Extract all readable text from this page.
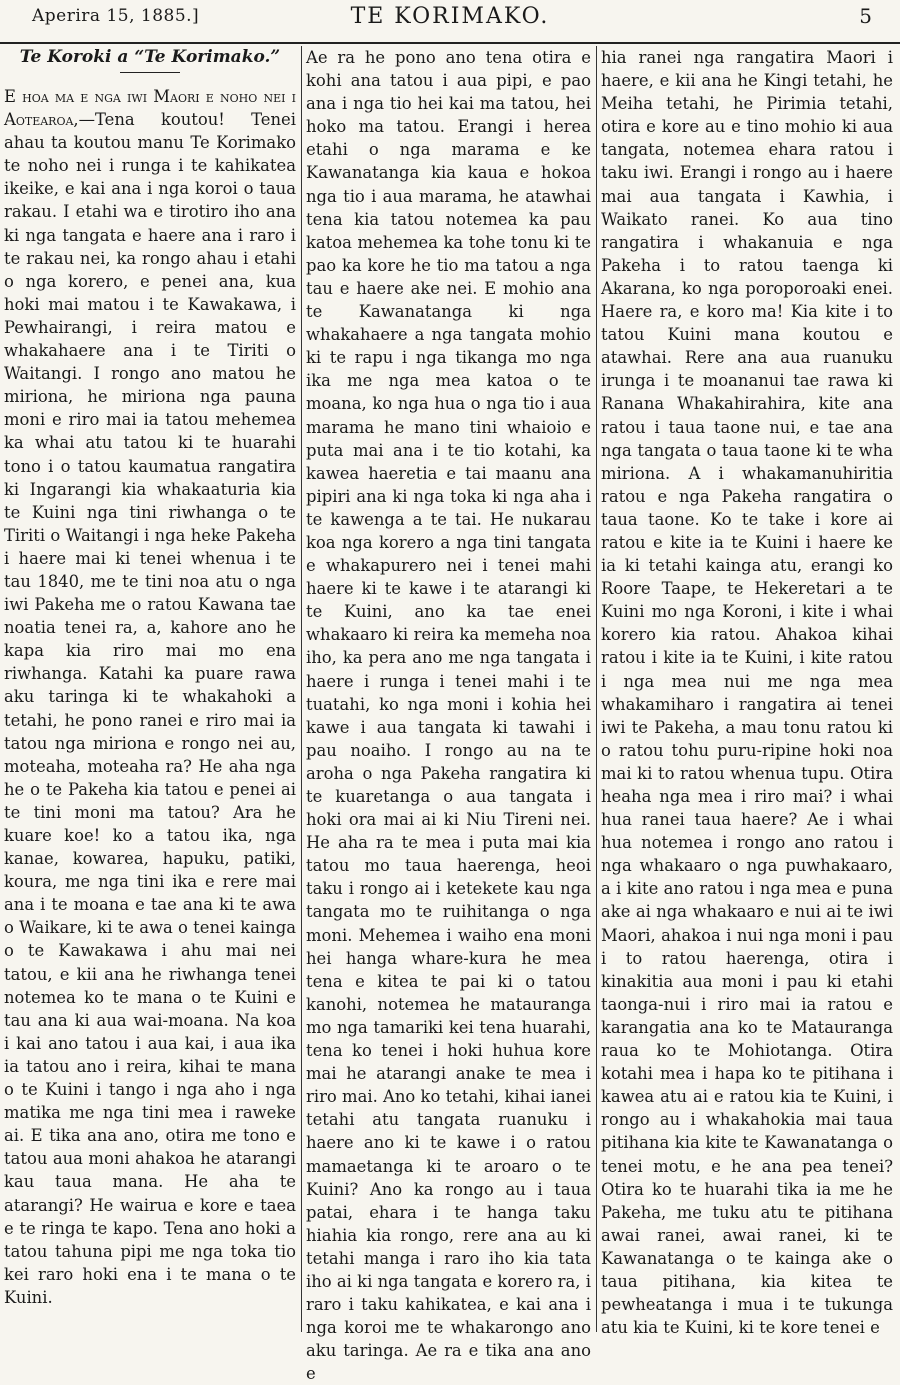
Aperira 15, 1885.]	TE KORIMAKO.	5
Te Koroki a “Te Korimako.”

E hoa ma e nga iwi Maori e noho nei i Aotearoa,—Tena koutou! Tenei ahau ta koutou manu Te Korimako te noho nei i runga i te kahikatea ikeike, e kai ana i nga koroi o taua rakau. I etahi wa e tirotiro iho ana ki nga tangata e haere ana i raro i te rakau nei, ka rongo ahau i etahi o nga korero, e penei ana, kua hoki mai matou i te Kawakawa, i Pewhairangi, i reira matou e whakahaere ana i te Tiriti o Waitangi. I rongo ano matou he miriona, he miriona nga pauna moni e riro mai ia tatou mehemea ka whai atu tatou ki te huarahi tono i o tatou kaumatua rangatira ki Ingarangi kia whakaaturia kia te Kuini nga tini riwhanga o te Tiriti o Waitangi i nga heke Pakeha i haere mai ki tenei whenua i te tau 1840, me te tini noa atu o nga iwi Pakeha me o ratou Kawana tae noatia tenei ra, a, kahore ano he kapa kia riro mai mo ena riwhanga. Katahi ka puare rawa aku taringa ki te whakahoki a tetahi, he pono ranei e riro mai ia tatou nga miriona e rongo nei au, moteaha, moteaha ra? He aha nga he o te Pakeha kia tatou e penei ai te tini moni ma tatou? Ara he kuare koe! ko a tatou ika, nga kanae, kowarea, hapuku, patiki, koura, me nga tini ika e rere mai ana i te moana e tae ana ki te awa o Waikare, ki te awa o tenei kainga o te Kawakawa i ahu mai nei tatou, e kii ana he riwhanga tenei notemea ko te mana o te Kuini e tau ana ki aua wai-moana. Na koa i kai ano tatou i aua kai, i aua ika ia tatou ano i reira, kihai te mana o te Kuini i tango i nga aho i nga matika me nga tini mea i raweke ai. E tika ana ano, otira me tono e tatou aua moni ahakoa he atarangi kau taua mana. He aha te atarangi? He wairua e kore e taea e te ringa te kapo. Tena ano hoki a tatou tahuna pipi me nga toka tio kei raro hoki ena i te mana o te Kuini.

Ae ra he pono ano tena otira e kohi ana tatou i aua pipi, e pao ana i nga tio hei kai ma tatou, hei hoko ma tatou. Erangi i herea etahi o nga marama e ke Kawanatanga kia kaua e hokoa nga tio i aua marama, he atawhai tena kia tatou notemea ka pau katoa mehemea ka tohe tonu ki te pao ka kore he tio ma tatou a nga tau e haere ake nei. E mohio ana te Kawanatanga ki nga whakahaere a nga tangata mohio ki te rapu i nga tikanga mo nga ika me nga mea katoa o te moana, ko nga hua o nga tio i aua marama he mano tini whaioio e puta mai ana i te tio kotahi, ka kawea haeretia e tai maanu ana pipiri ana ki nga toka ki nga aha i te kawenga a te tai. He nukarau koa nga korero a nga tini tangata e whakapurero nei i tenei mahi haere ki te kawe i te atarangi ki te Kuini, ano ka tae enei whakaaro ki reira ka memeha noa iho, ka pera ano me nga tangata i haere i runga i tenei mahi i te tuatahi, ko nga moni i kohia hei kawe i aua tangata ki tawahi i pau noaiho. I rongo au na te aroha o nga Pakeha rangatira ki te kuaretanga o aua tangata i hoki ora mai ai ki Niu Tireni nei. He aha ra te mea i puta mai kia tatou mo taua haerenga, heoi taku i rongo ai i ketekete kau nga tangata mo te ruihitanga o nga moni. Mehemea i waiho ena moni hei hanga whare-kura he mea tena e kitea te pai ki o tatou kanohi, notemea he matauranga mo nga tamariki kei tena huarahi, tena ko tenei i hoki huhua kore mai he atarangi anake te mea i riro mai. Ano ko tetahi, kihai ianei tetahi atu tangata ruanuku i haere ano ki te kawe i o ratou mamaetanga ki te aroaro o te Kuini? Ano ka rongo au i taua patai, ehara i te hanga taku hiahia kia rongo, rere ana au ki tetahi manga i raro iho kia tata iho ai ki nga tangata e korero ra, i raro i taku kahikatea, e kai ana i nga koroi me te whakarongo ano aku taringa. Ae ra e tika ana ano e

hia ranei nga rangatira Maori i haere, e kii ana he Kingi tetahi, he Meiha tetahi, he Pirimia tetahi, otira e kore au e tino mohio ki aua tangata, notemea ehara ratou i taku iwi. Erangi i rongo au i haere mai aua tangata i Kawhia, i Waikato ranei. Ko aua tino rangatira i whakanuia e nga Pakeha i to ratou taenga ki Akarana, ko nga poroporoaki enei. Haere ra, e koro ma! Kia kite i to tatou Kuini mana koutou e atawhai. Rere ana aua ruanuku irunga i te moananui tae rawa ki Ranana Whakahirahira, kite ana ratou i taua taone nui, e tae ana nga tangata o taua taone ki te wha miriona. A i whakamanuhiritia ratou e nga Pakeha rangatira o taua taone. Ko te take i kore ai ratou e kite ia te Kuini i haere ke ia ki tetahi kainga atu, erangi ko Roore Taape, te Hekeretari a te Kuini mo nga Koroni, i kite i whai korero kia ratou. Ahakoa kihai ratou i kite ia te Kuini, i kite ratou i nga mea nui me nga mea whakamiharo i rangatira ai tenei iwi te Pakeha, a mau tonu ratou ki o ratou tohu puru-ripine hoki noa mai ki to ratou whenua tupu. Otira heaha nga mea i riro mai? i whai hua ranei taua haere? Ae i whai hua notemea i rongo ano ratou i nga whakaaro o nga puwhakaaro, a i kite ano ratou i nga mea e puna ake ai nga whakaaro e nui ai te iwi Maori, ahakoa i nui nga moni i pau i to ratou haerenga, otira i kinakitia aua moni i pau ki etahi taonga-nui i riro mai ia ratou e karangatia ana ko te Matauranga raua ko te Mohiotanga. Otira kotahi mea i hapa ko te pitihana i kawea atu ai e ratou kia te Kuini, i rongo au i whakahokia mai taua pitihana kia kite te Kawanatanga o tenei motu, e he ana pea tenei? Otira ko te huarahi tika ia me he Pakeha, me tuku atu te pitihana awai ranei, awai ranei, ki te Kawanatanga o te kainga ake o taua pitihana, kia kitea te pewheatanga i mua i te tukunga atu kia te Kuini, ki te kore tenei e
